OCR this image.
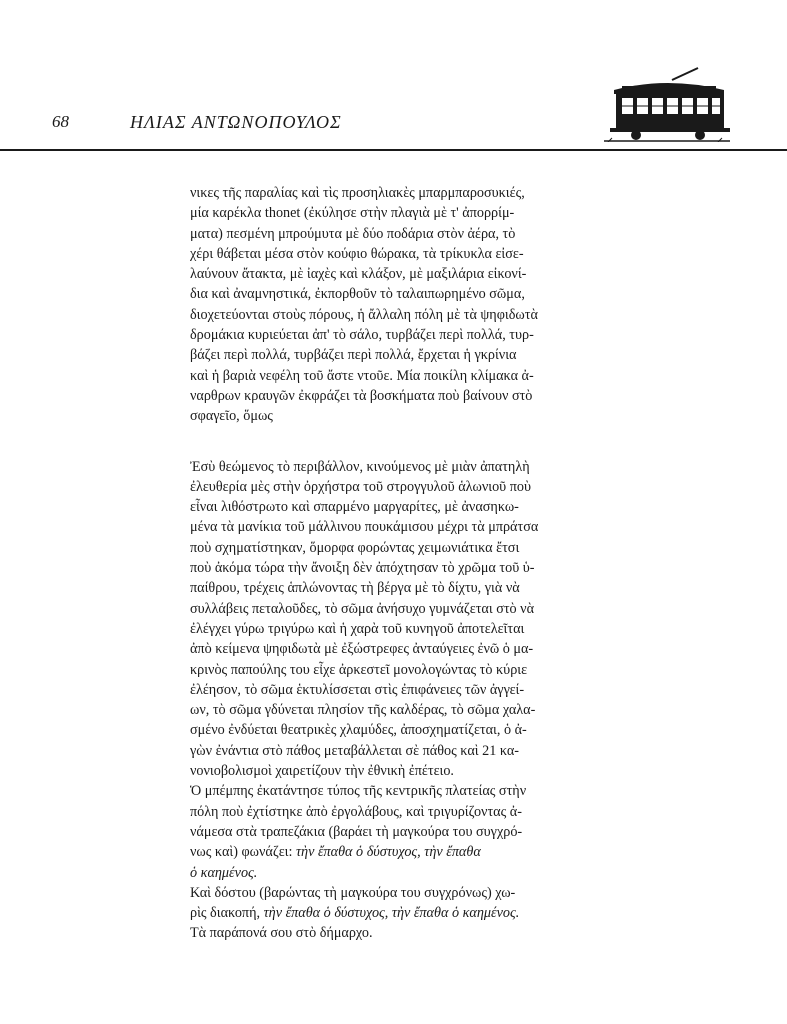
68	ΗΛΙΑΣ ΑΝΤΩΝΟΠΟΥΛΟΣ

νικες τῆς παραλίας καὶ τὶς προσηλιακὲς μπαρμπαροσυκιές,
μία καρέκλα thonet (ἐκύλησε στὴν πλαγιὰ μὲ τ' ἀπορρίμ-
ματα) πεσμένη μπρούμυτα μὲ δύο ποδάρια στὸν ἀέρα, τὸ
χέρι θάβεται μέσα στὸν κούφιο θώρακα, τὰ τρίκυκλα εἰσε-
λαύνουν ἄτακτα, μὲ ἰαχὲς καὶ κλάξον, μὲ μαξιλάρια εἰκονί-
δια καὶ ἀναμνηστικά, ἐκπορθοῦν τὸ ταλαιπωρημένο σῶμα,
διοχετεύονται στοὺς πόρους, ἡ ἄλλαλη πόλη μὲ τὰ ψηφιδωτὰ
δρομάκια κυριεύεται ἀπ' τὸ σάλο, τυρβάζει περὶ πολλά, τυρ-
βάζει περὶ πολλά, τυρβάζει περὶ πολλά, ἔρχεται ἡ γκρίνια
καὶ ἡ βαριὰ νεφέλη τοῦ ἄστε ντοῦε. Μία ποικίλη κλίμακα ἀ-
ναρθρων κραυγῶν ἐκφράζει τὰ βοσκήματα ποὺ βαίνουν στὸ
σφαγεῖο, ὅμως

Ἐσὺ θεώμενος τὸ περιβάλλον, κινούμενος μὲ μιὰν ἀπατηλὴ
ἐλευθερία μὲς στὴν ὀρχήστρα τοῦ στρογγυλοῦ ἁλωνιοῦ ποὺ
εἶναι λιθόστρωτο καὶ σπαρμένο μαργαρίτες, μὲ ἀνασηκω-
μένα τὰ μανίκια τοῦ μάλλινου πουκάμισου μέχρι τὰ μπράτσα
ποὺ σχηματίστηκαν, ὅμορφα φορώντας χειμωνιάτικα ἔτσι
ποὺ ἀκόμα τώρα τὴν ἄνοιξη δὲν ἀπόχτησαν τὸ χρῶμα τοῦ ὑ-
παίθρου, τρέχεις ἁπλώνοντας τὴ βέργα μὲ τὸ δίχτυ, γιὰ νὰ
συλλάβεις πεταλοῦδες, τὸ σῶμα ἀνήσυχο γυμνάζεται στὸ νὰ
ἐλέγχει γύρω τριγύρω καὶ ἡ χαρὰ τοῦ κυνηγοῦ ἀποτελεῖται
ἀπὸ κείμενα ψηφιδωτὰ μὲ ἐξώστρεφες ἀνταύγειες ἐνῶ ὁ μα-
κρινὸς παπούλης του εἶχε ἀρκεστεῖ μονολογώντας τὸ κύριε
ἐλέησον, τὸ σῶμα ἑκτυλίσσεται στὶς ἐπιφάνειες τῶν ἀγγεί-
ων, τὸ σῶμα γδύνεται πλησίον τῆς καλδέρας, τὸ σῶμα χαλα-
σμένο ἐνδύεται θεατρικὲς χλαμύδες, ἀποσχηματίζεται, ὁ ἀ-
γὼν ἐνάντια στὸ πάθος μεταβάλλεται σὲ πάθος καὶ 21 κα-
νονιοβολισμοὶ χαιρετίζουν τὴν ἐθνικὴ ἐπέτειο.

Ὁ μπέμπης ἐκατάντησε τύπος τῆς κεντρικῆς πλατείας στὴν
πόλη ποὺ ἐχτίστηκε ἀπὸ ἐργολάβους, καὶ τριγυρίζοντας ἀ-
νάμεσα στὰ τραπεζάκια (βαράει τὴ μαγκούρα του συγχρό-
νως καὶ) φωνάζει: τὴν ἔπαθα ὁ δύστυχος, τὴν ἔπαθα
ὁ καημένος.

Καὶ δόστου (βαρώντας τὴ μαγκούρα του συγχρόνως) χω-
ρὶς διακοπή, τὴν ἔπαθα ὁ δύστυχος, τὴν ἔπαθα ὁ καημένος.

Τὰ παράπονά σου στὸ δήμαρχο.
